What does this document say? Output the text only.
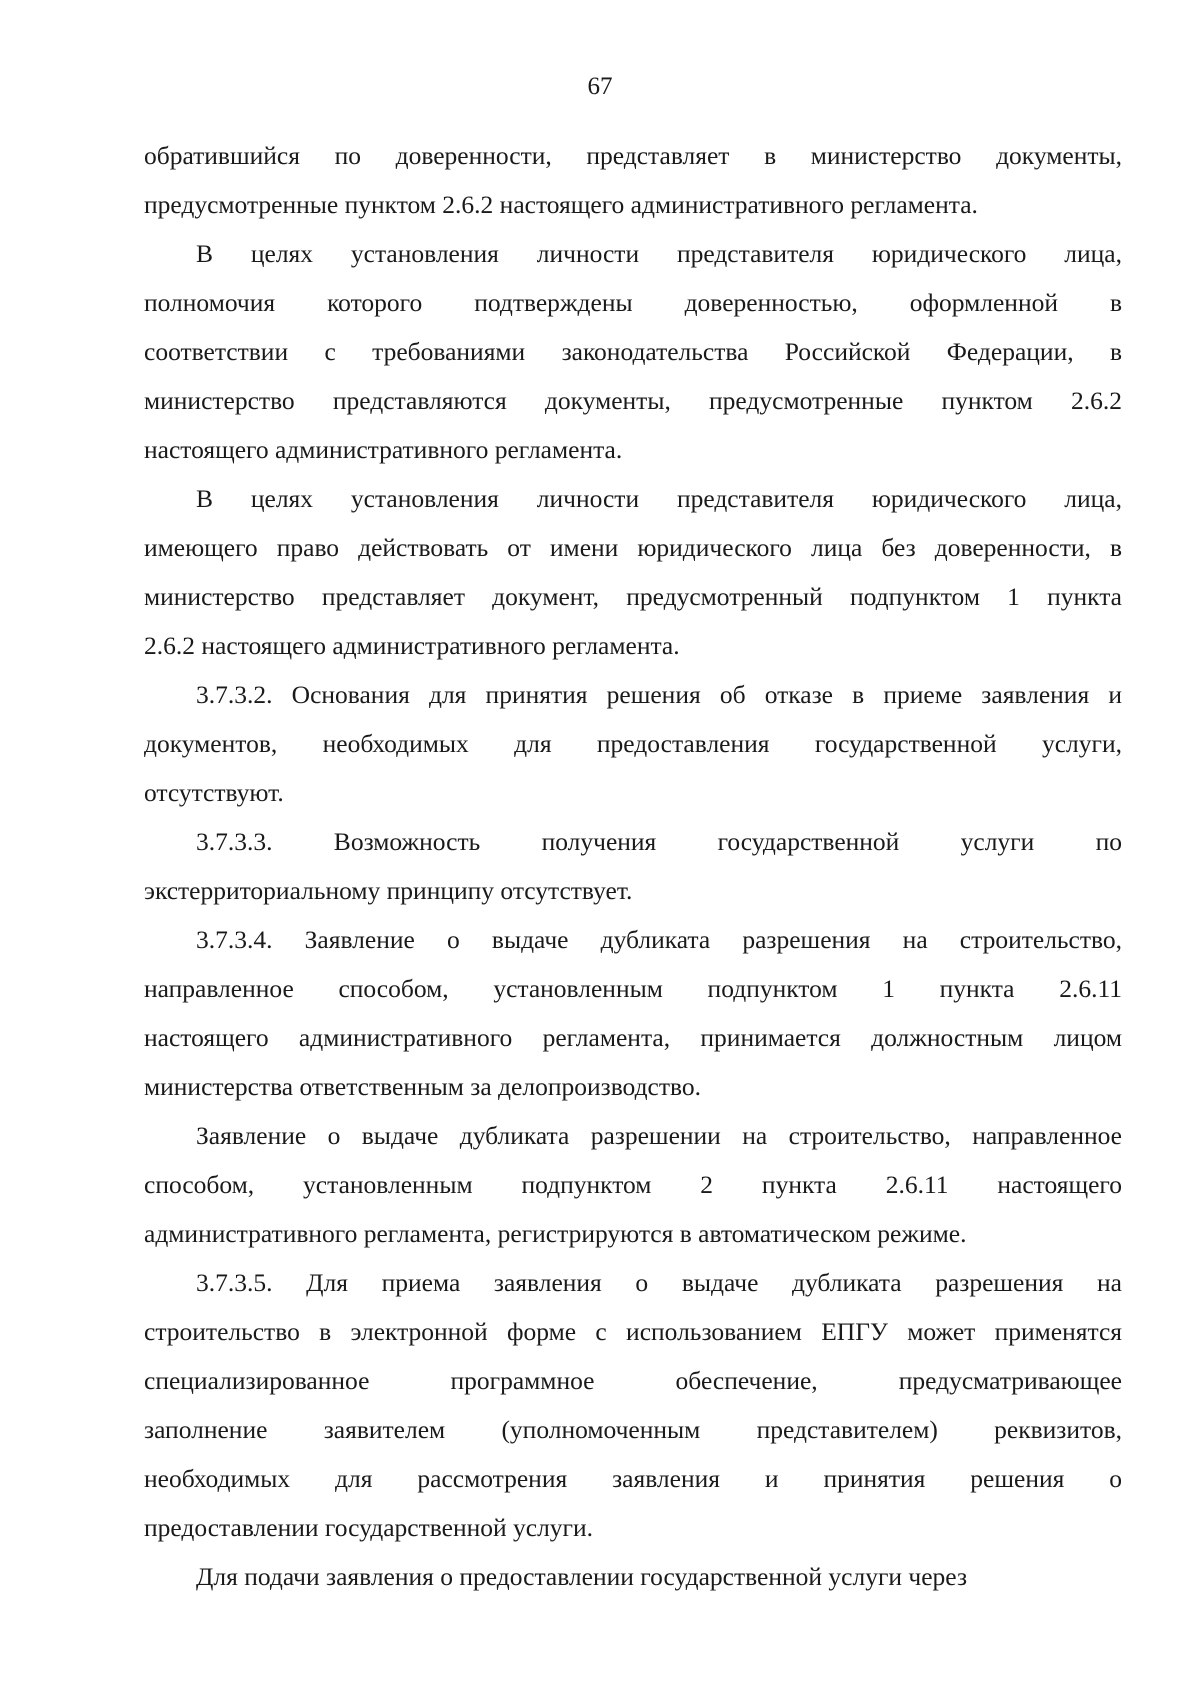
67
обратившийся по доверенности, представляет в министерство документы,
предусмотренные пунктом 2.6.2 настоящего административного регламента.
В целях установления личности представителя юридического лица,
полномочия которого подтверждены доверенностью, оформленной в
соответствии с требованиями законодательства Российской Федерации, в
министерство представляются документы, предусмотренные пунктом 2.6.2
настоящего административного регламента.
В целях установления личности представителя юридического лица,
имеющего право действовать от имени юридического лица без доверенности, в
министерство представляет документ, предусмотренный подпунктом 1 пункта
2.6.2 настоящего административного регламента.
3.7.3.2. Основания для принятия решения об отказе в приеме заявления и
документов, необходимых для предоставления государственной услуги,
отсутствуют.
3.7.3.3. Возможность получения государственной услуги по
экстерриториальному принципу отсутствует.
3.7.3.4. Заявление о выдаче дубликата разрешения на строительство,
направленное способом, установленным подпунктом 1 пункта 2.6.11
настоящего административного регламента, принимается должностным лицом
министерства ответственным за делопроизводство.
Заявление о выдаче дубликата разрешении на строительство, направленное
способом, установленным подпунктом 2 пункта 2.6.11 настоящего
административного регламента, регистрируются в автоматическом режиме.
3.7.3.5. Для приема заявления о выдаче дубликата разрешения на
строительство в электронной форме с использованием ЕПГУ может применятся
специализированное программное обеспечение, предусматривающее
заполнение заявителем (уполномоченным представителем) реквизитов,
необходимых для рассмотрения заявления и принятия решения о
предоставлении государственной услуги.
Для подачи заявления о предоставлении государственной услуги через
